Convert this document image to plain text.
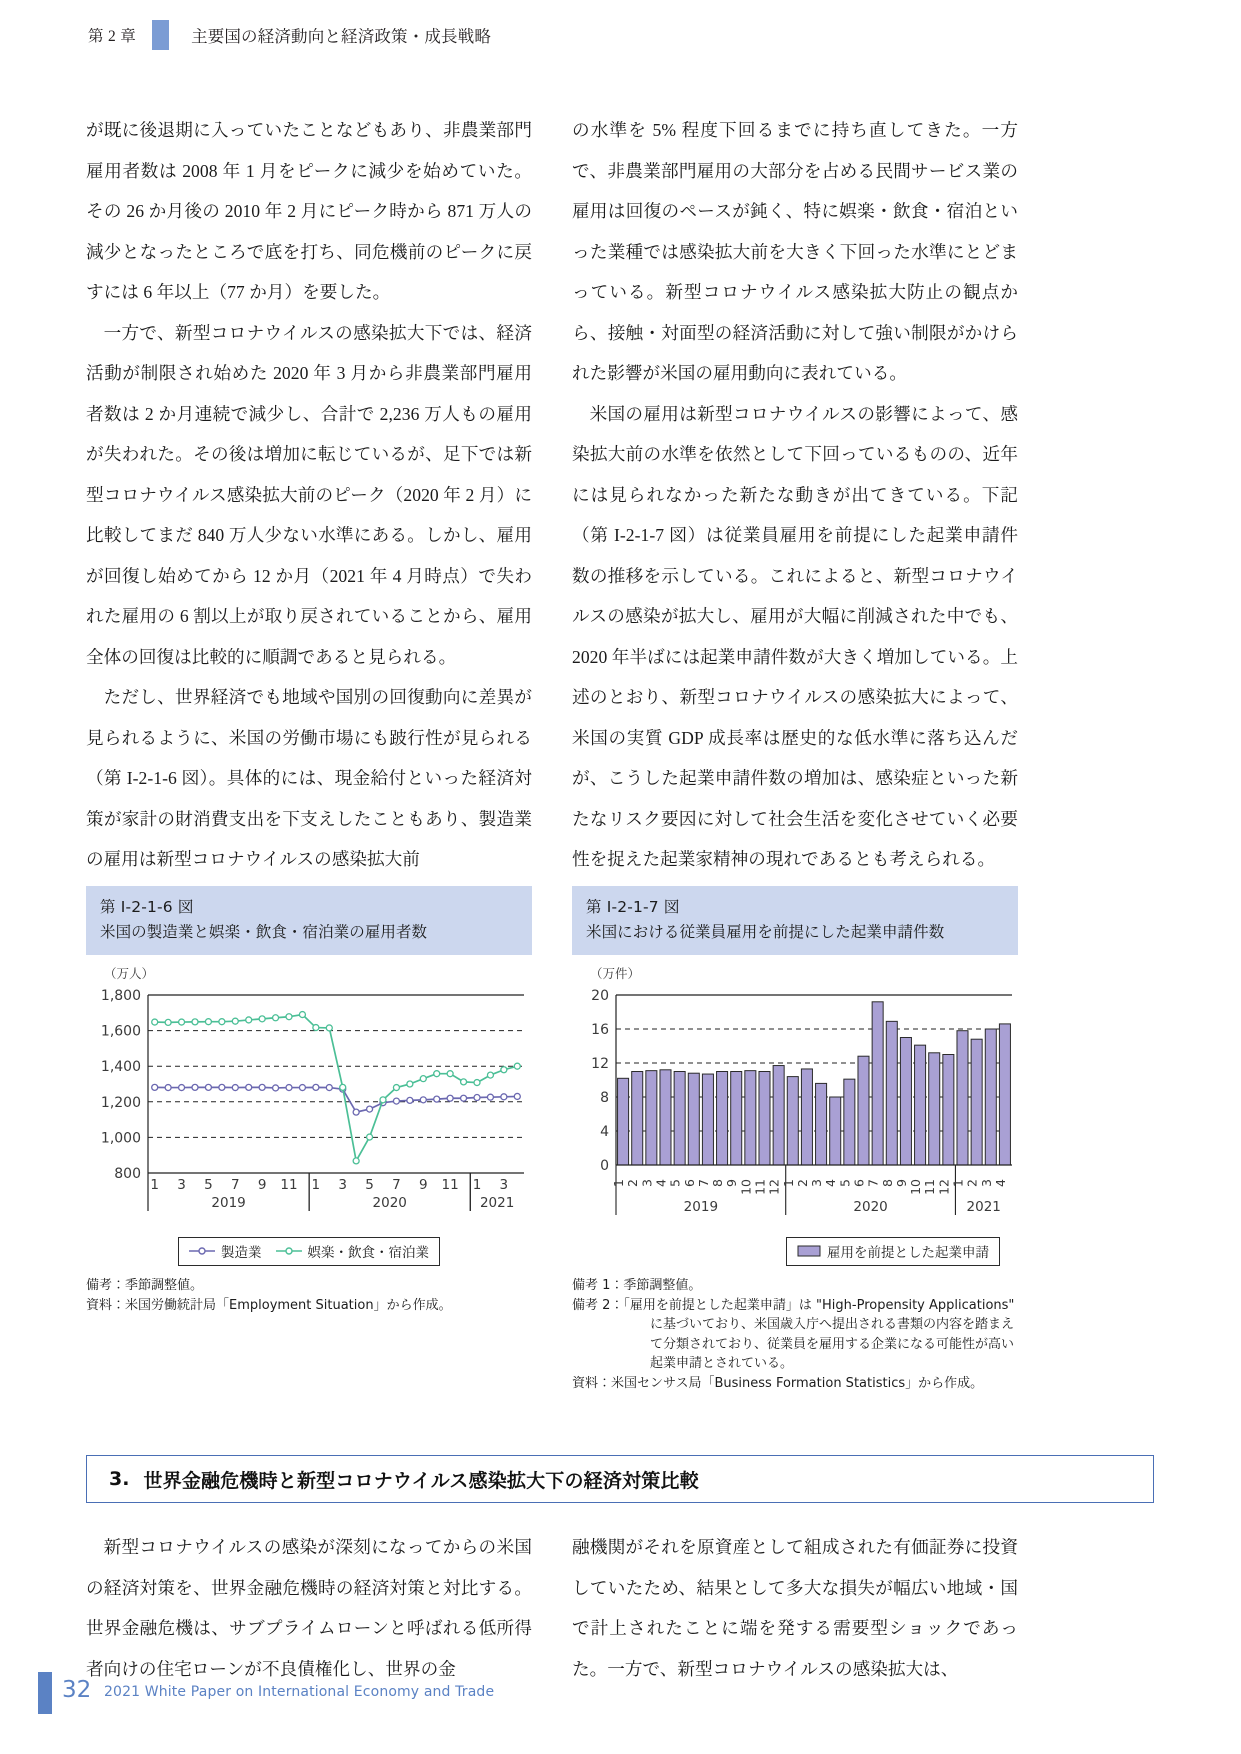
第 2 章	主要国の経済動向と経済政策・成長戦略

が既に後退期に入っていたことなどもあり、非農業部門雇用者数は 2008 年 1 月をピークに減少を始めていた。その 26 か月後の 2010 年 2 月にピーク時から 871 万人の減少となったところで底を打ち、同危機前のピークに戻すには 6 年以上（77 か月）を要した。

一方で、新型コロナウイルスの感染拡大下では、経済活動が制限され始めた 2020 年 3 月から非農業部門雇用者数は 2 か月連続で減少し、合計で 2,236 万人もの雇用が失われた。その後は増加に転じているが、足下では新型コロナウイルス感染拡大前のピーク（2020 年 2 月）に比較してまだ 840 万人少ない水準にある。しかし、雇用が回復し始めてから 12 か月（2021 年 4 月時点）で失われた雇用の 6 割以上が取り戻されていることから、雇用全体の回復は比較的に順調であると見られる。

ただし、世界経済でも地域や国別の回復動向に差異が見られるように、米国の労働市場にも跛行性が見られる（第 I-2-1-6 図）。具体的には、現金給付といった経済対策が家計の財消費支出を下支えしたこともあり、製造業の雇用は新型コロナウイルスの感染拡大前

の水準を 5% 程度下回るまでに持ち直してきた。一方で、非農業部門雇用の大部分を占める民間サービス業の雇用は回復のペースが鈍く、特に娯楽・飲食・宿泊といった業種では感染拡大前を大きく下回った水準にとどまっている。新型コロナウイルス感染拡大防止の観点から、接触・対面型の経済活動に対して強い制限がかけられた影響が米国の雇用動向に表れている。

米国の雇用は新型コロナウイルスの影響によって、感染拡大前の水準を依然として下回っているものの、近年には見られなかった新たな動きが出てきている。下記（第 I-2-1-7 図）は従業員雇用を前提にした起業申請件数の推移を示している。これによると、新型コロナウイルスの感染が拡大し、雇用が大幅に削減された中でも、2020 年半ばには起業申請件数が大きく増加している。上述のとおり、新型コロナウイルスの感染拡大によって、米国の実質 GDP 成長率は歴史的な低水準に落ち込んだが、こうした起業申請件数の増加は、感染症といった新たなリスク要因に対して社会生活を変化させていく必要性を捉えた起業家精神の現れであるとも考えられる。

第 I-2-1-6 図
米国の製造業と娯楽・飲食・宿泊業の雇用者数
（万人）
800
1,000
1,200
1,400
1,600
1,800
1 3 5 7 9 11
2019
1 3 5 7 9 11
2020
1 3
2021
製造業	娯楽・飲食・宿泊業
備考：季節調整値。
資料：米国労働統計局「Employment Situation」から作成。
第 I-2-1-7 図
米国における従業員雇用を前提にした起業申請件数
（万件）
0
4
8
12
16
20
1 2 3 4 5 6 7 8 9 10 11 12
2019
1 2 3 4 5 6 7 8 9 10 11 12
2020
1 2 3 4
2021
雇用を前提とした起業申請
備考 1：季節調整値。
備考 2：「雇用を前提とした起業申請」は "High-Propensity Applications" に基づいており、米国歳入庁へ提出される書類の内容を踏まえて分類されており、従業員を雇用する企業になる可能性が高い起業申請とされている。
資料：米国センサス局「Business Formation Statistics」から作成。
3. 世界金融危機時と新型コロナウイルス感染拡大下の経済対策比較

新型コロナウイルスの感染が深刻になってからの米国の経済対策を、世界金融危機時の経済対策と対比する。世界金融危機は、サブプライムローンと呼ばれる低所得者向けの住宅ローンが不良債権化し、世界の金

融機関がそれを原資産として組成された有価証券に投資していたため、結果として多大な損失が幅広い地域・国で計上されたことに端を発する需要型ショックであった。一方で、新型コロナウイルスの感染拡大は、

32 2021 White Paper on International Economy and Trade
